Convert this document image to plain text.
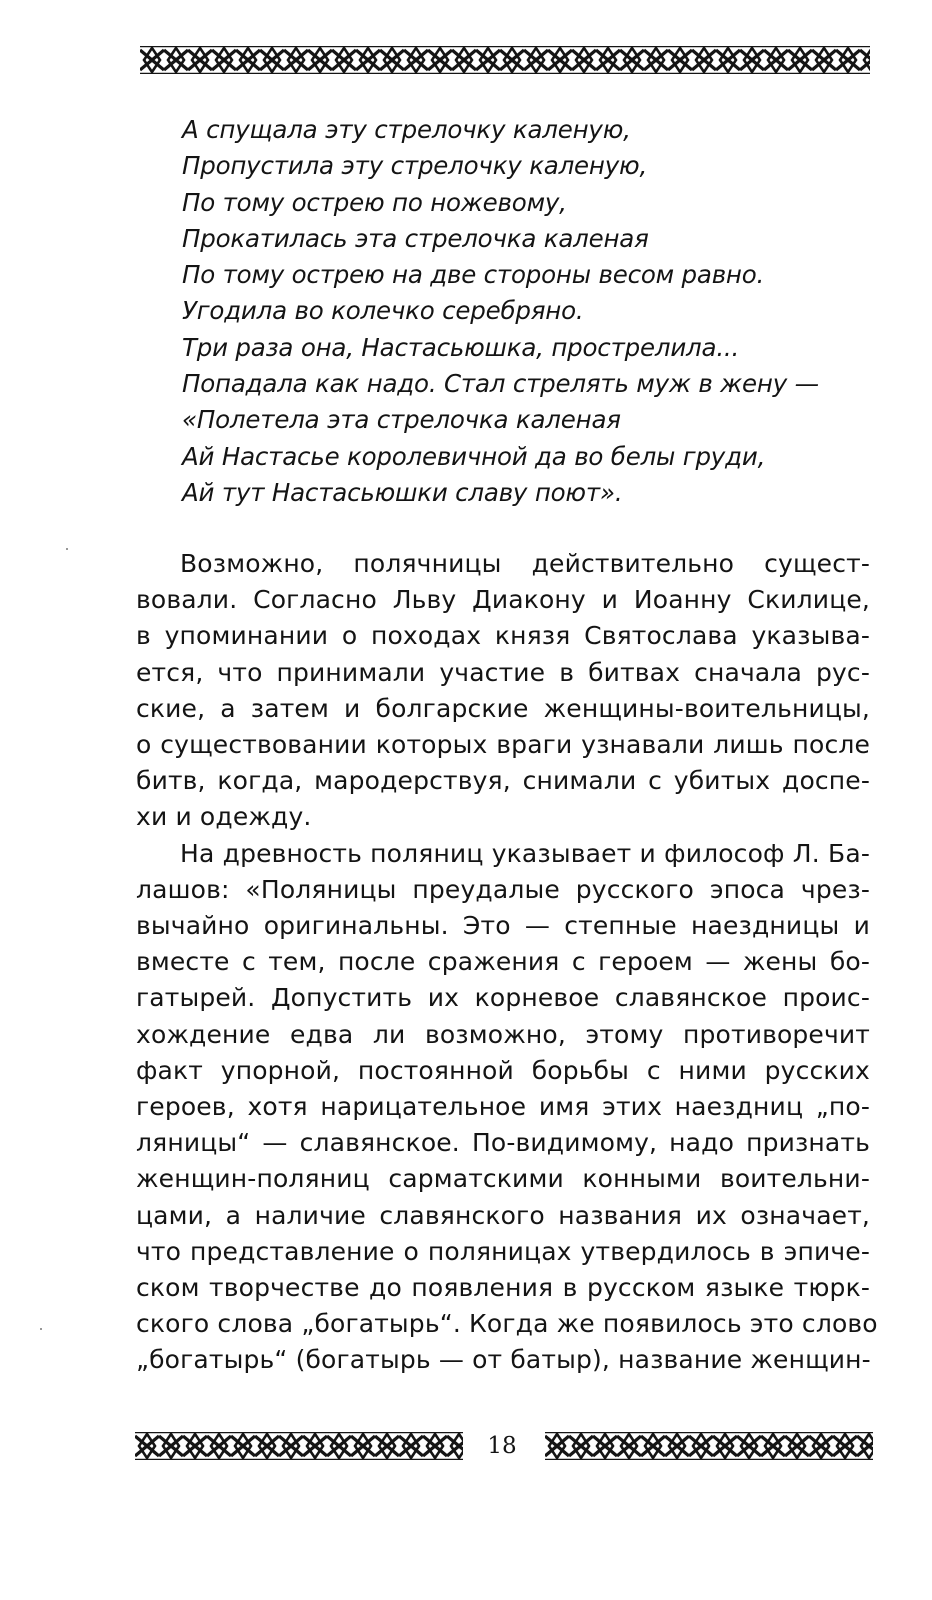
А спущала эту стрелочку каленую,
Пропустила эту стрелочку каленую,
По тому острею по ножевому,
Прокатилась эта стрелочка каленая
По тому острею на две стороны весом равно.
Угодила во колечко серебряно.
Три раза она, Настасьюшка, прострелила...
Попадала как надо. Стал стрелять муж в жену —
«Полетела эта стрелочка каленая
Ай Настасье королевичной да во белы груди,
Ай тут Настасьюшки славу поют».
Возможно, полячницы действительно сущест-
вовали. Согласно Льву Диакону и Иоанну Скилице,
в упоминании о походах князя Святослава указыва-
ется, что принимали участие в битвах сначала рус-
ские, а затем и болгарские женщины-воительницы,
о существовании которых враги узнавали лишь после
битв, когда, мародерствуя, снимали с убитых доспе-
хи и одежду.
На древность поляниц указывает и философ Л. Ба-
лашов: «Поляницы преудалые русского эпоса чрез-
вычайно оригинальны. Это — степные наездницы и
вместе с тем, после сражения с героем — жены бо-
гатырей. Допустить их корневое славянское проис-
хождение едва ли возможно, этому противоречит
факт упорной, постоянной борьбы с ними русских
героев, хотя нарицательное имя этих наездниц „по-
ляницы“ — славянское. По-видимому, надо признать
женщин-поляниц сарматскими конными воительни-
цами, а наличие славянского названия их означает,
что представление о поляницах утвердилось в эпиче-
ском творчестве до появления в русском языке тюрк-
ского слова „богатырь“. Когда же появилось это слово
„богатырь“ (богатырь — от батыр), название женщин-
18
